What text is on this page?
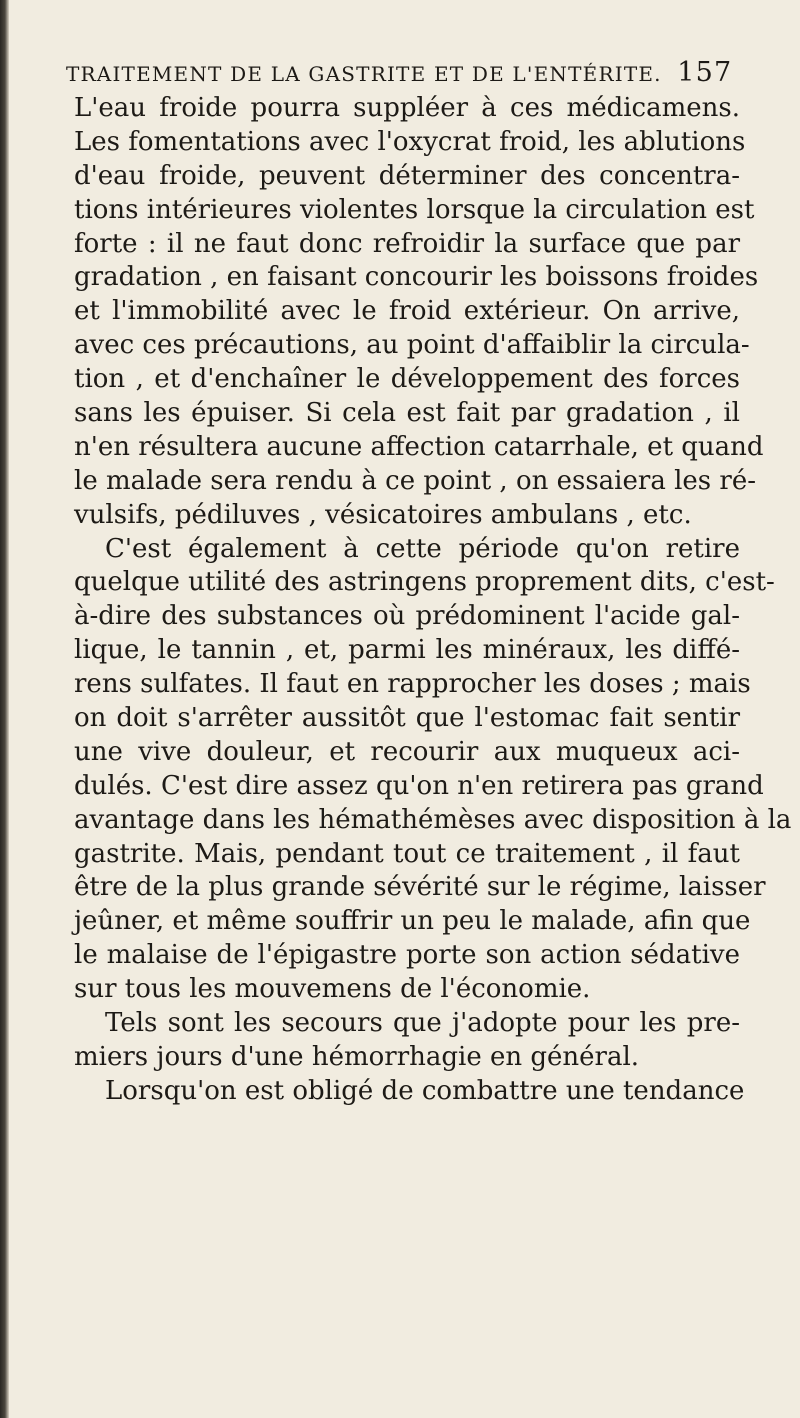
TRAITEMENT DE LA GASTRITE ET DE L'ENTÉRITE. 157
L'eau froide pourra suppléer à ces médicamens.
Les fomentations avec l'oxycrat froid, les ablutions
d'eau froide, peuvent déterminer des concentra-
tions intérieures violentes lorsque la circulation est
forte : il ne faut donc refroidir la surface que par
gradation , en faisant concourir les boissons froides
et l'immobilité avec le froid extérieur. On arrive,
avec ces précautions, au point d'affaiblir la circula-
tion , et d'enchaîner le développement des forces
sans les épuiser. Si cela est fait par gradation , il
n'en résultera aucune affection catarrhale, et quand
le malade sera rendu à ce point , on essaiera les ré-
vulsifs, pédiluves , vésicatoires ambulans , etc.
C'est également à cette période qu'on retire
quelque utilité des astringens proprement dits, c'est-
à-dire des substances où prédominent l'acide gal-
lique, le tannin , et, parmi les minéraux, les diffé-
rens sulfates. Il faut en rapprocher les doses ; mais
on doit s'arrêter aussitôt que l'estomac fait sentir
une vive douleur, et recourir aux muqueux aci-
dulés. C'est dire assez qu'on n'en retirera pas grand
avantage dans les hémathémèses avec disposition à la
gastrite. Mais, pendant tout ce traitement , il faut
être de la plus grande sévérité sur le régime, laisser
jeûner, et même souffrir un peu le malade, afin que
le malaise de l'épigastre porte son action sédative
sur tous les mouvemens de l'économie.
Tels sont les secours que j'adopte pour les pre-
miers jours d'une hémorrhagie en général.
Lorsqu'on est obligé de combattre une tendance
